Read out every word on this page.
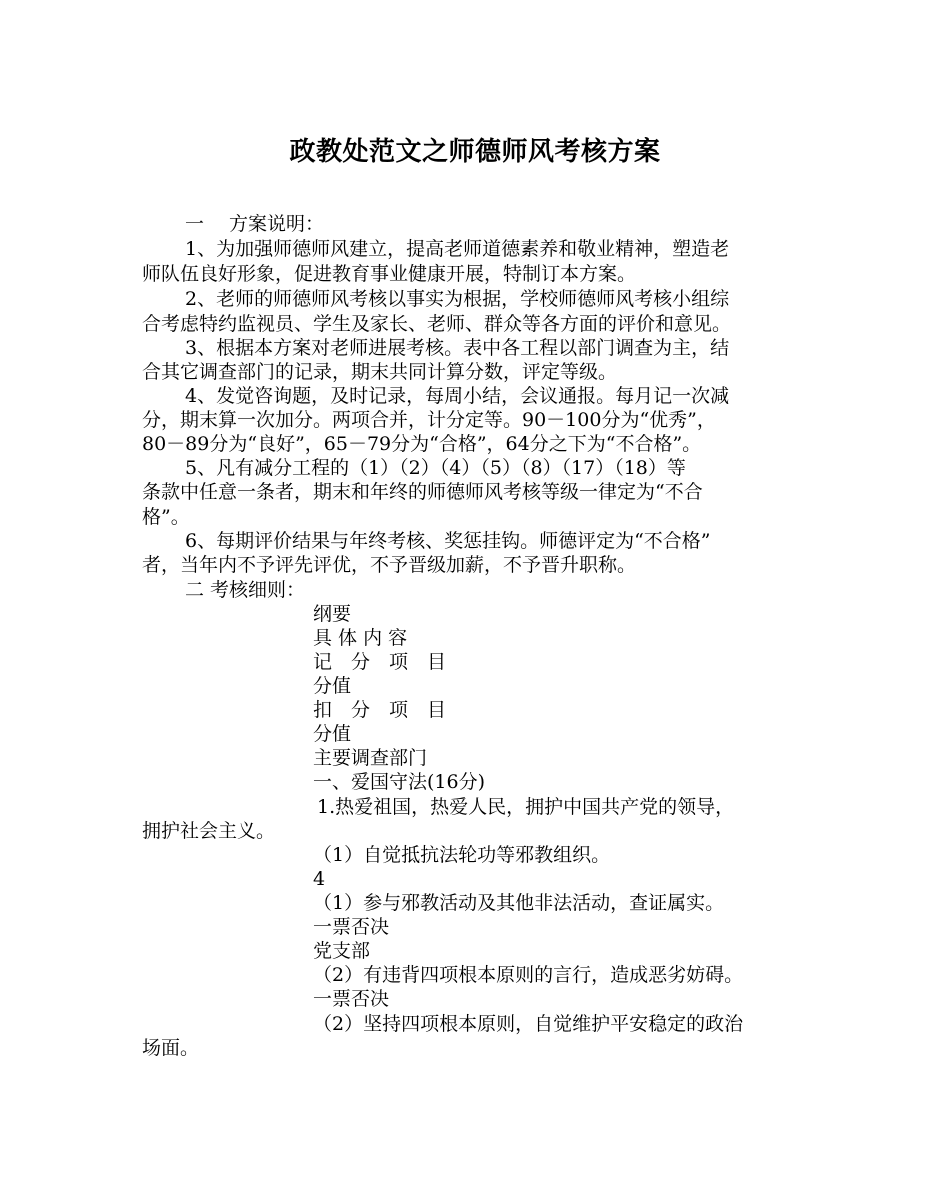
政教处范文之师德师风考核方案
一　 方案说明：
1、为加强师德师风建立，提高老师道德素养和敬业精神，塑造老
师队伍良好形象，促进教育事业健康开展，特制订本方案。
2、老师的师德师风考核以事实为根据，学校师德师风考核小组综
合考虑特约监视员、学生及家长、老师、群众等各方面的评价和意见。
3、根据本方案对老师进展考核。表中各工程以部门调查为主，结
合其它调查部门的记录，期末共同计算分数，评定等级。
4、发觉咨询题，及时记录，每周小结，会议通报。每月记一次减
分，期末算一次加分。两项合并，计分定等。90－100分为“优秀”，
80－89分为“良好”，65－79分为“合格”，64分之下为“不合格”。
5、凡有减分工程的（1）（2）（4）（5）（8）（17）（18）等
条款中任意一条者，期末和年终的师德师风考核等级一律定为“不合
格”。
6、每期评价结果与年终考核、奖惩挂钩。师德评定为“不合格”
者，当年内不予评先评优，不予晋级加薪，不予晋升职称。
二 考核细则：
纲要
具 体 内 容
记　分　项　目
分值
扣　分　项　目
分值
主要调查部门
一、爱国守法(16分)
1.热爱祖国，热爱人民，拥护中国共产党的领导，
拥护社会主义。
（1）自觉抵抗法轮功等邪教组织。
4
（1）参与邪教活动及其他非法活动，查证属实。
一票否决
党支部
（2）有违背四项根本原则的言行，造成恶劣妨碍。
一票否决
（2）坚持四项根本原则，自觉维护平安稳定的政治
场面。
